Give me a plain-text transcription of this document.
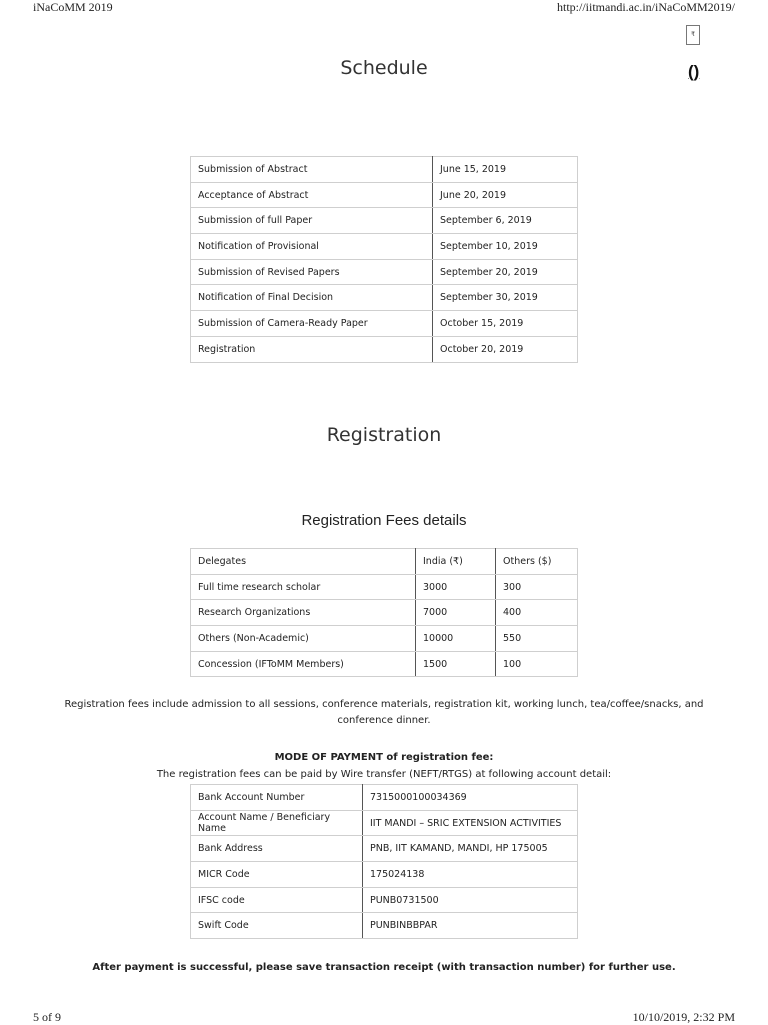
iNaCoMM 2019	http://iitmandi.ac.in/iNaCoMM2019/
₹
()
Schedule
Submission of Abstract	June 15, 2019
Acceptance of Abstract	June 20, 2019
Submission of full Paper	September 6, 2019
Notification of Provisional	September 10, 2019
Submission of Revised Papers	September 20, 2019
Notification of Final Decision	September 30, 2019
Submission of Camera-Ready Paper	October 15, 2019
Registration	October 20, 2019
Registration
Registration Fees details
Delegates	India (₹)	Others ($)
Full time research scholar	3000	300
Research Organizations	7000	400
Others (Non-Academic)	10000	550
Concession (IFToMM Members)	1500	100
Registration fees include admission to all sessions, conference materials, registration kit, working lunch, tea/coffee/snacks, and conference dinner.
MODE OF PAYMENT of registration fee:
The registration fees can be paid by Wire transfer (NEFT/RTGS) at following account detail:
Bank Account Number	7315000100034369
Account Name / Beneficiary Name	IIT MANDI – SRIC EXTENSION ACTIVITIES
Bank Address	PNB, IIT KAMAND, MANDI, HP 175005
MICR Code	175024138
IFSC code	PUNB0731500
Swift Code	PUNBINBBPAR
After payment is successful, please save transaction receipt (with transaction number) for further use.
5 of 9	10/10/2019, 2:32 PM
